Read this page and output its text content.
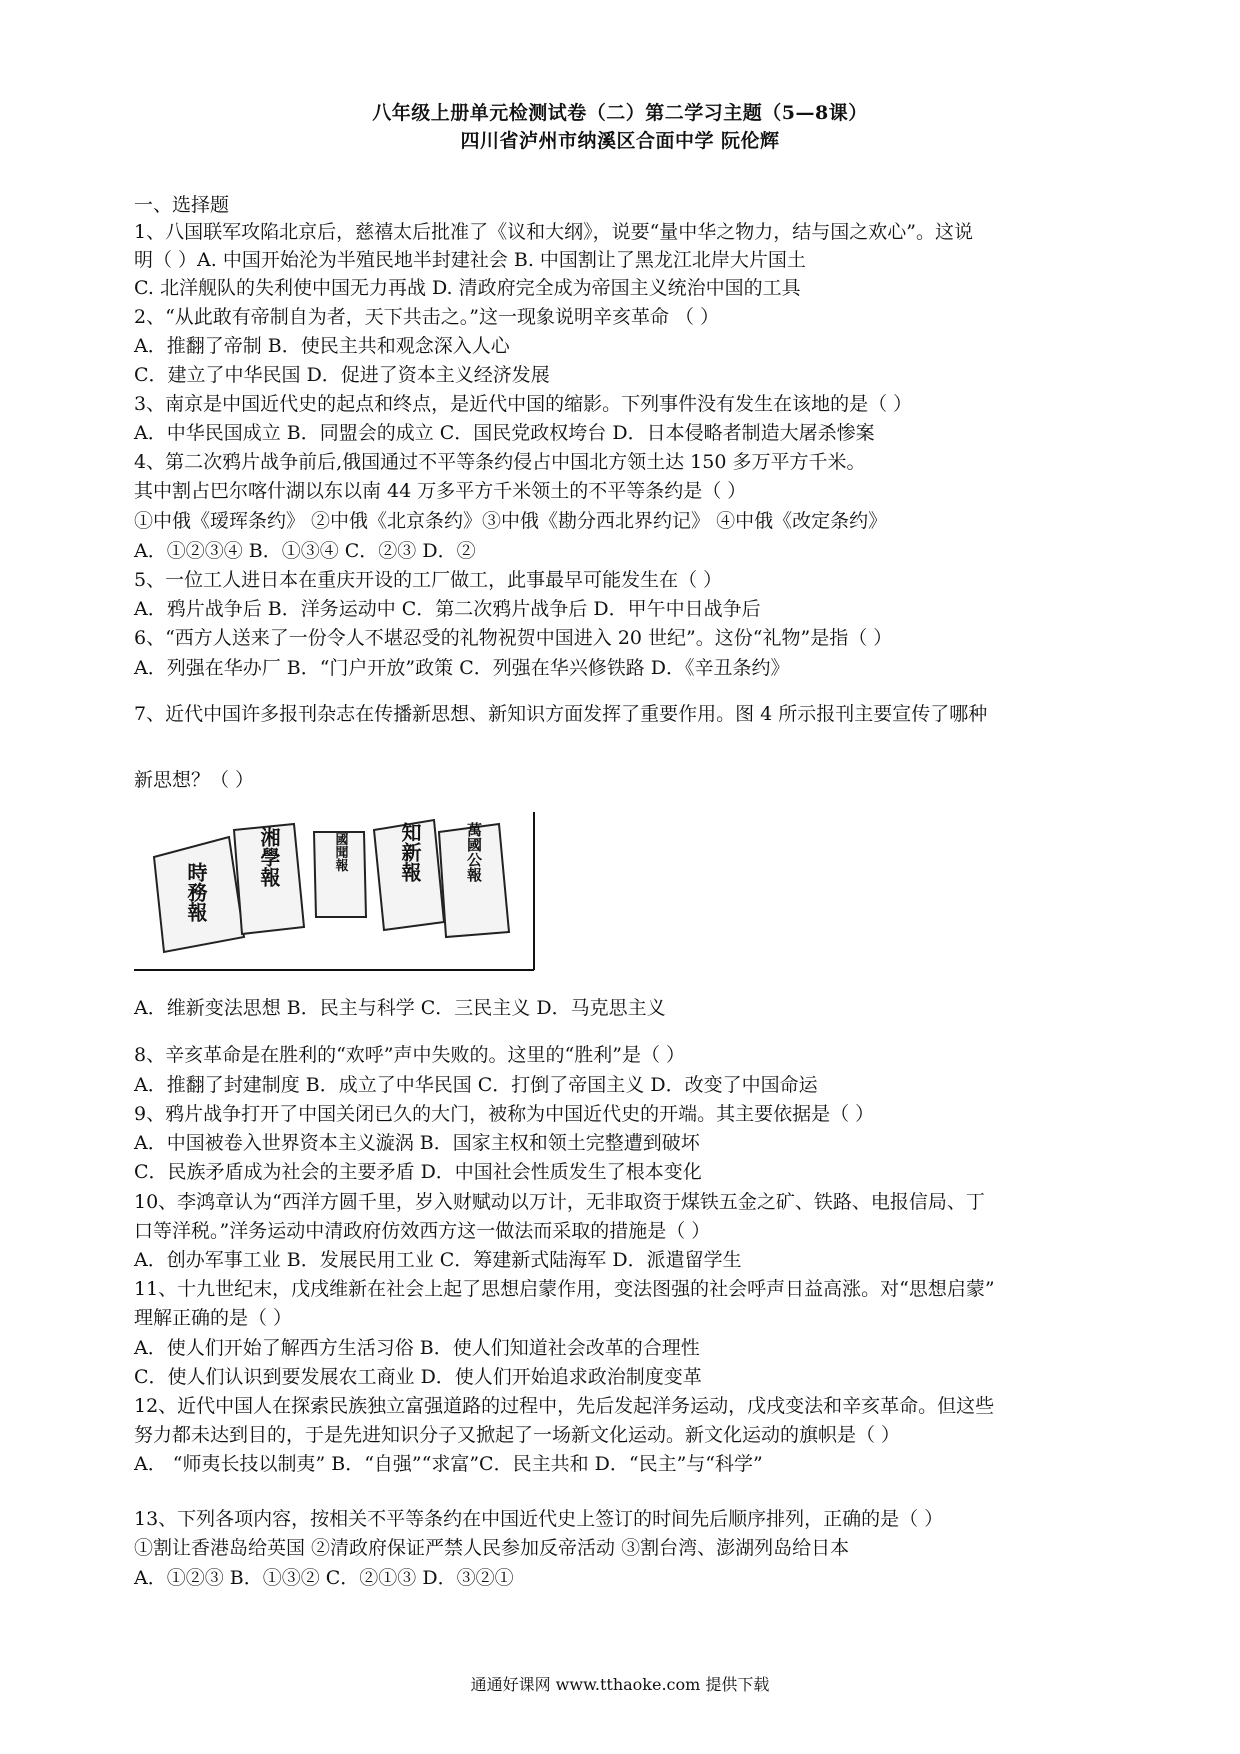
八年级上册单元检测试卷（二）第二学习主题（5—8课）
四川省泸州市纳溪区合面中学 阮伦辉
一、选择题
1、八国联军攻陷北京后，慈禧太后批准了《议和大纲》，说要“量中华之物力，结与国之欢心”。这说
明（ ）A. 中国开始沦为半殖民地半封建社会 B. 中国割让了黑龙江北岸大片国土
C. 北洋舰队的失利使中国无力再战 D. 清政府完全成为帝国主义统治中国的工具
2、“从此敢有帝制自为者，天下共击之。”这一现象说明辛亥革命 （ ）
A．推翻了帝制 B．使民主共和观念深入人心
C．建立了中华民国 D．促进了资本主义经济发展
3、南京是中国近代史的起点和终点，是近代中国的缩影。下列事件没有发生在该地的是（ ）
A．中华民国成立 B．同盟会的成立 C．国民党政权垮台 D．日本侵略者制造大屠杀惨案
4、第二次鸦片战争前后,俄国通过不平等条约侵占中国北方领土达 150 多万平方千米。
其中割占巴尔喀什湖以东以南 44 万多平方千米领土的不平等条约是（ ）
①中俄《瑷珲条约》 ②中俄《北京条约》③中俄《勘分西北界约记》 ④中俄《改定条约》
A．①②③④ B．①③④ C．②③ D．②
5、一位工人进日本在重庆开设的工厂做工，此事最早可能发生在（ ）
A．鸦片战争后 B．洋务运动中 C．第二次鸦片战争后 D．甲午中日战争后
6、“西方人送来了一份令人不堪忍受的礼物祝贺中国进入 20 世纪”。这份“礼物”是指（ ）
A．列强在华办厂 B．“门户开放”政策 C．列强在华兴修铁路 D．《辛丑条约》
7、近代中国许多报刊杂志在传播新思想、新知识方面发挥了重要作用。图 4 所示报刊主要宣传了哪种
新思想？（ ）
時務報
湘學報	國聞報	知新報	萬國公報
A．维新变法思想 B．民主与科学 C．三民主义 D．马克思主义
8、辛亥革命是在胜利的“欢呼”声中失败的。这里的“胜利”是（ ）
A．推翻了封建制度 B．成立了中华民国 C．打倒了帝国主义 D．改变了中国命运
9、鸦片战争打开了中国关闭已久的大门，被称为中国近代史的开端。其主要依据是（ ）
A．中国被卷入世界资本主义漩涡 B．国家主权和领土完整遭到破坏
C．民族矛盾成为社会的主要矛盾 D．中国社会性质发生了根本变化
10、李鸿章认为“西洋方圆千里，岁入财赋动以万计，无非取资于煤铁五金之矿、铁路、电报信局、丁
口等洋税。”洋务运动中清政府仿效西方这一做法而采取的措施是（ ）
A．创办军事工业 B．发展民用工业 C．筹建新式陆海军 D．派遣留学生
11、十九世纪末，戊戌维新在社会上起了思想启蒙作用，变法图强的社会呼声日益高涨。对“思想启蒙”
理解正确的是（ ）
A．使人们开始了解西方生活习俗 B．使人们知道社会改革的合理性
C．使人们认识到要发展农工商业 D．使人们开始追求政治制度变革
12、近代中国人在探索民族独立富强道路的过程中，先后发起洋务运动，戊戌变法和辛亥革命。但这些
努力都未达到目的，于是先进知识分子又掀起了一场新文化运动。新文化运动的旗帜是（ ）
A． “师夷长技以制夷” B．“自强”“求富”C．民主共和 D．“民主”与“科学”
13、下列各项内容，按相关不平等条约在中国近代史上签订的时间先后顺序排列，正确的是（ ）
①割让香港岛给英国 ②清政府保证严禁人民参加反帝活动 ③割台湾、澎湖列岛给日本
A．①②③ B．①③② C．②①③ D．③②①
通通好课网 www.tthaoke.com 提供下载
